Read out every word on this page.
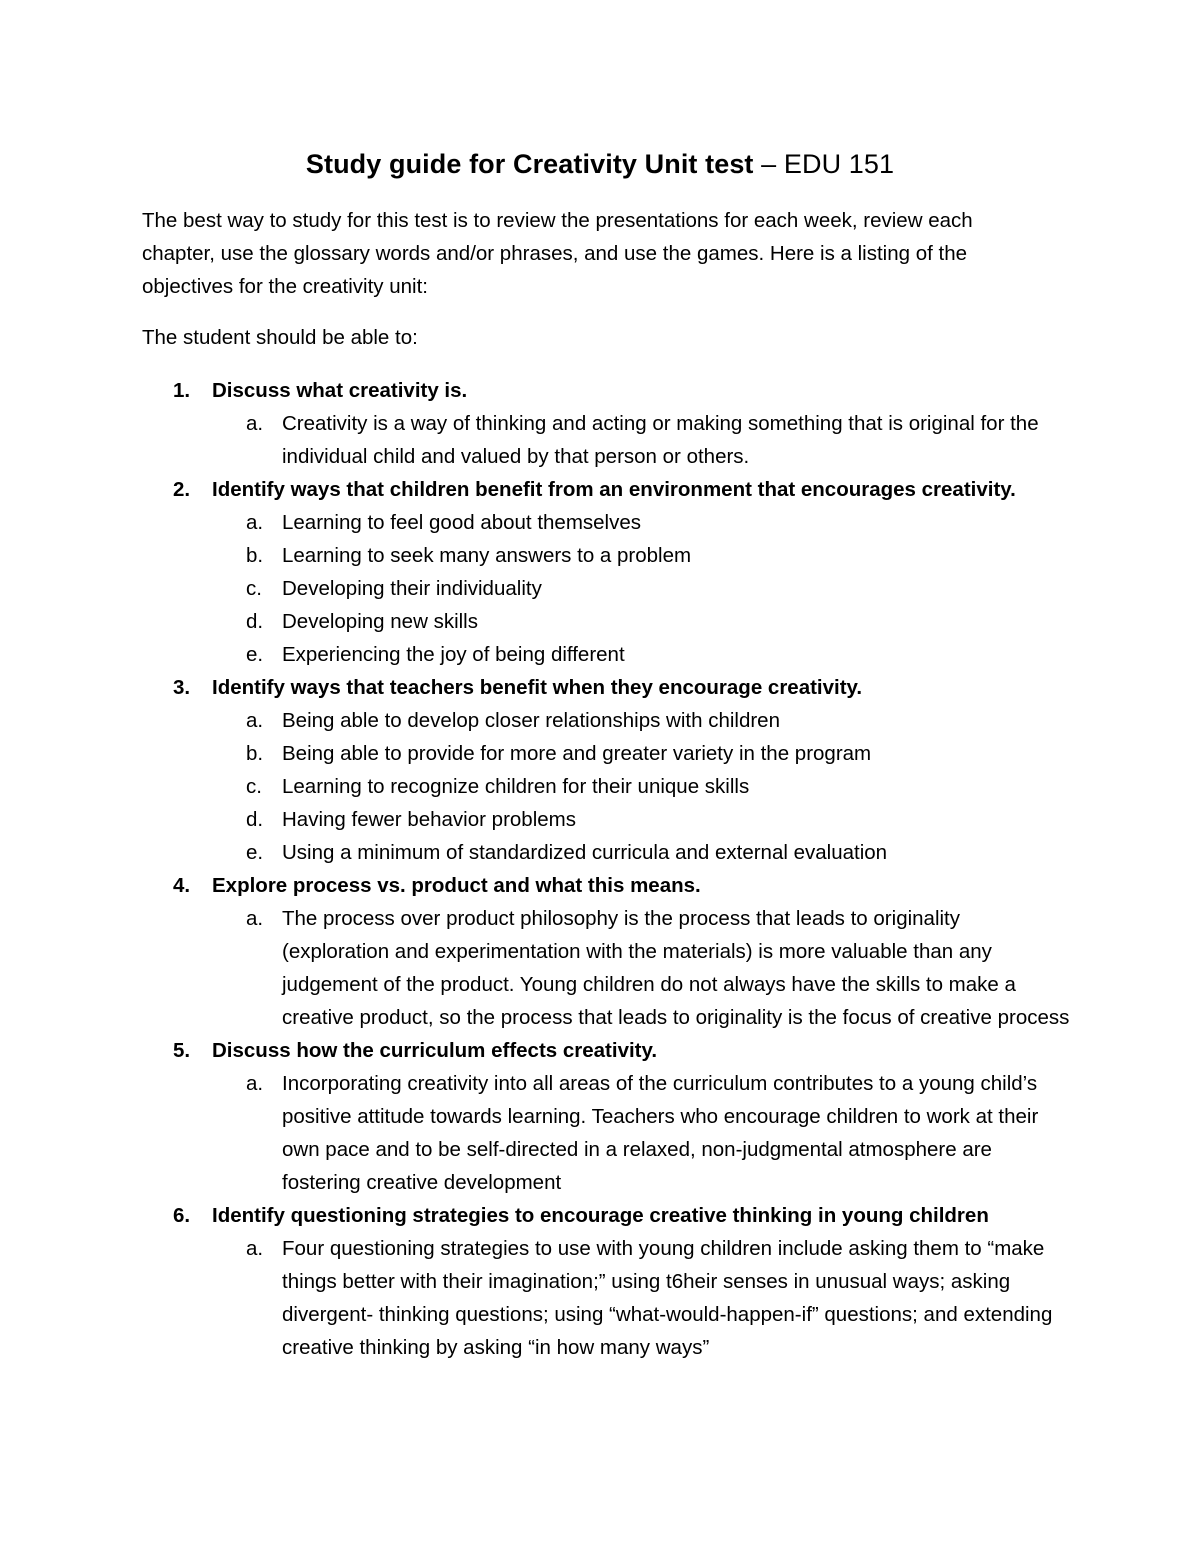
Study guide for Creativity Unit test – EDU 151
The best way to study for this test is to review the presentations for each week, review each chapter, use the glossary words and/or phrases, and use the games. Here is a listing of the objectives for the creativity unit:
The student should be able to:
1.	Discuss what creativity is.
a. Creativity is a way of thinking and acting or making something that is original for the individual child and valued by that person or others.
2.	Identify ways that children benefit from an environment that encourages creativity.
a. Learning to feel good about themselves
b. Learning to seek many answers to a problem
c. Developing their individuality
d. Developing new skills
e. Experiencing the joy of being different
3.	Identify ways that teachers benefit when they encourage creativity.
a. Being able to develop closer relationships with children
b. Being able to provide for more and greater variety in the program
c. Learning to recognize children for their unique skills
d. Having fewer behavior problems
e. Using a minimum of standardized curricula and external evaluation
4.	Explore process vs. product and what this means.
a. The process over product philosophy is the process that leads to originality (exploration and experimentation with the materials) is more valuable than any judgement of the product. Young children do not always have the skills to make a creative product, so the process that leads to originality is the focus of creative process
5.	Discuss how the curriculum effects creativity.
a. Incorporating creativity into all areas of the curriculum contributes to a young child’s positive attitude towards learning. Teachers who encourage children to work at their own pace and to be self-directed in a relaxed, non-judgmental atmosphere are fostering creative development
6.	Identify questioning strategies to encourage creative thinking in young children
a. Four questioning strategies to use with young children include asking them to “make things better with their imagination;” using t6heir senses in unusual ways; asking divergent- thinking questions; using “what-would-happen-if” questions; and extending creative thinking by asking “in how many ways”
